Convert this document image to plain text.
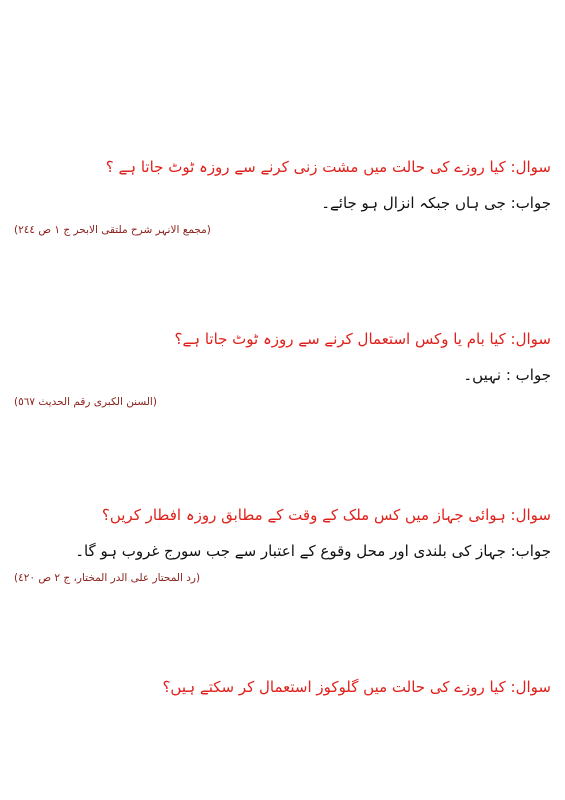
سوال: کیا روزے کی حالت میں مشت زنی کرنے سے روزہ ٹوٹ جاتا ہے ؟
جواب: جی ہاں جبکہ انزال ہو جائے۔
(مجمع الانہر شرح ملتقی الابحر ج ١ ص ٢٤٤)
سوال: کیا بام یا وکس استعمال کرنے سے روزہ ٹوٹ جاتا ہے؟
جواب : نہیں۔
(السنن الکبری رقم الحدیث ٥٦٧)
سوال: ہوائی جہاز میں کس ملک کے وقت کے مطابق روزہ افطار کریں؟
جواب: جہاز کی بلندی اور محل وقوع کے اعتبار سے جب سورج غروب ہو گا۔
(رد المحتار علی الدر المختار، ج ٢ ص ٤٢٠)
سوال: کیا روزے کی حالت میں گلوکوز استعمال کر سکتے ہیں؟
